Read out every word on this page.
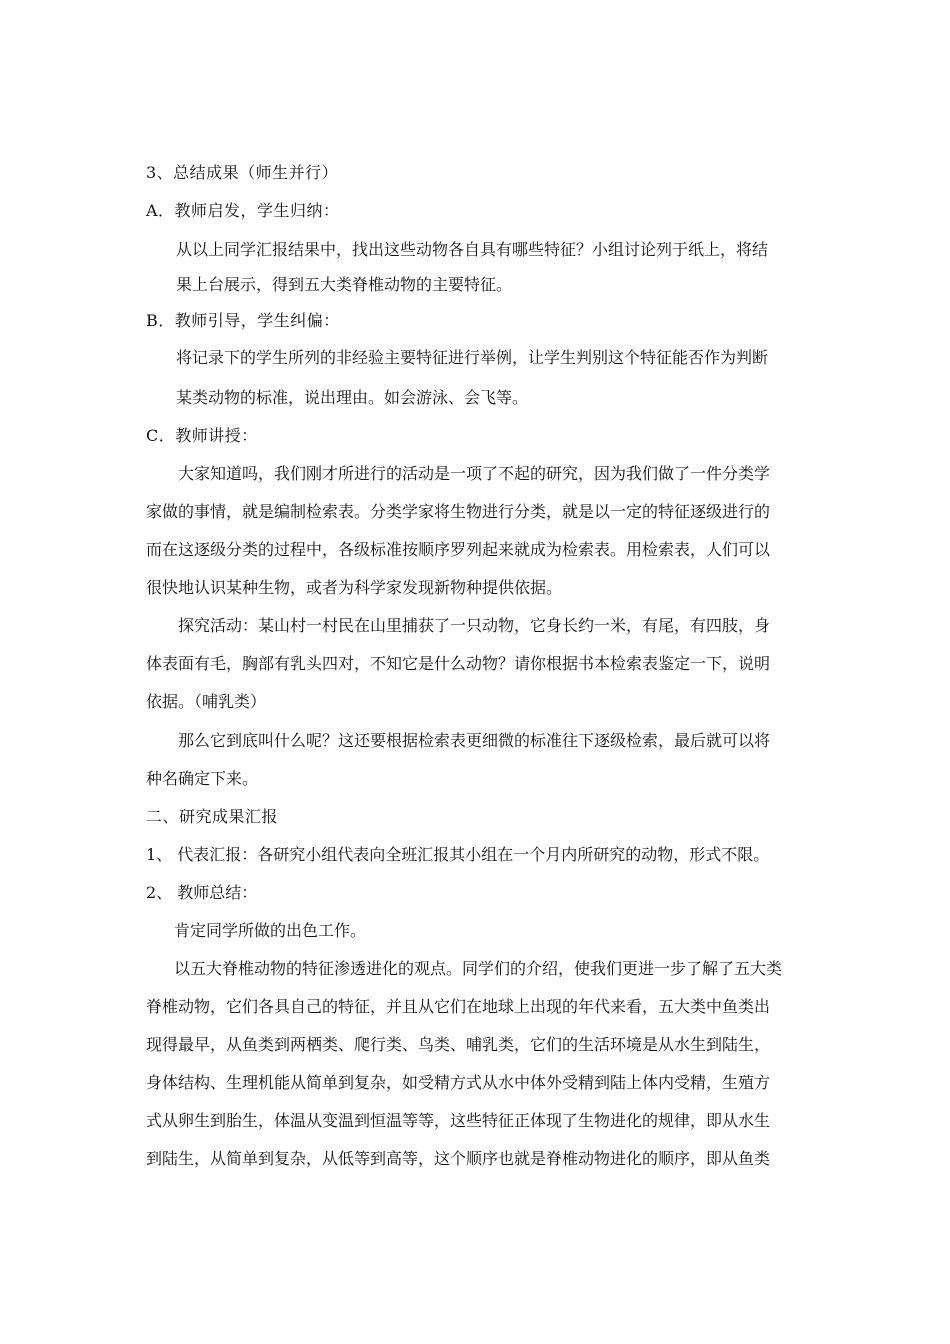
3、总结成果（师生并行）
A．教师启发，学生归纳：
从以上同学汇报结果中，找出这些动物各自具有哪些特征？小组讨论列于纸上，将结
果上台展示，得到五大类脊椎动物的主要特征。
B．教师引导，学生纠偏：
将记录下的学生所列的非经验主要特征进行举例，让学生判别这个特征能否作为判断
某类动物的标准，说出理由。如会游泳、会飞等。
C．教师讲授：
大家知道吗，我们刚才所进行的活动是一项了不起的研究，因为我们做了一件分类学
家做的事情，就是编制检索表。分类学家将生物进行分类，就是以一定的特征逐级进行的
而在这逐级分类的过程中，各级标准按顺序罗列起来就成为检索表。用检索表，人们可以
很快地认识某种生物，或者为科学家发现新物种提供依据。
探究活动：某山村一村民在山里捕获了一只动物，它身长约一米，有尾，有四肢，身
体表面有毛，胸部有乳头四对，不知它是什么动物？请你根据书本检索表鉴定一下，说明
依据。（哺乳类）
那么它到底叫什么呢？这还要根据检索表更细微的标准往下逐级检索，最后就可以将
种名确定下来。
二、研究成果汇报
1、 代表汇报：各研究小组代表向全班汇报其小组在一个月内所研究的动物，形式不限。
2、 教师总结：
肯定同学所做的出色工作。
以五大脊椎动物的特征渗透进化的观点。同学们的介绍，使我们更进一步了解了五大类
脊椎动物，它们各具自己的特征，并且从它们在地球上出现的年代来看，五大类中鱼类出
现得最早，从鱼类到两栖类、爬行类、鸟类、哺乳类，它们的生活环境是从水生到陆生，
身体结构、生理机能从简单到复杂，如受精方式从水中体外受精到陆上体内受精，生殖方
式从卵生到胎生，体温从变温到恒温等等，这些特征正体现了生物进化的规律，即从水生
到陆生，从简单到复杂，从低等到高等，这个顺序也就是脊椎动物进化的顺序，即从鱼类
